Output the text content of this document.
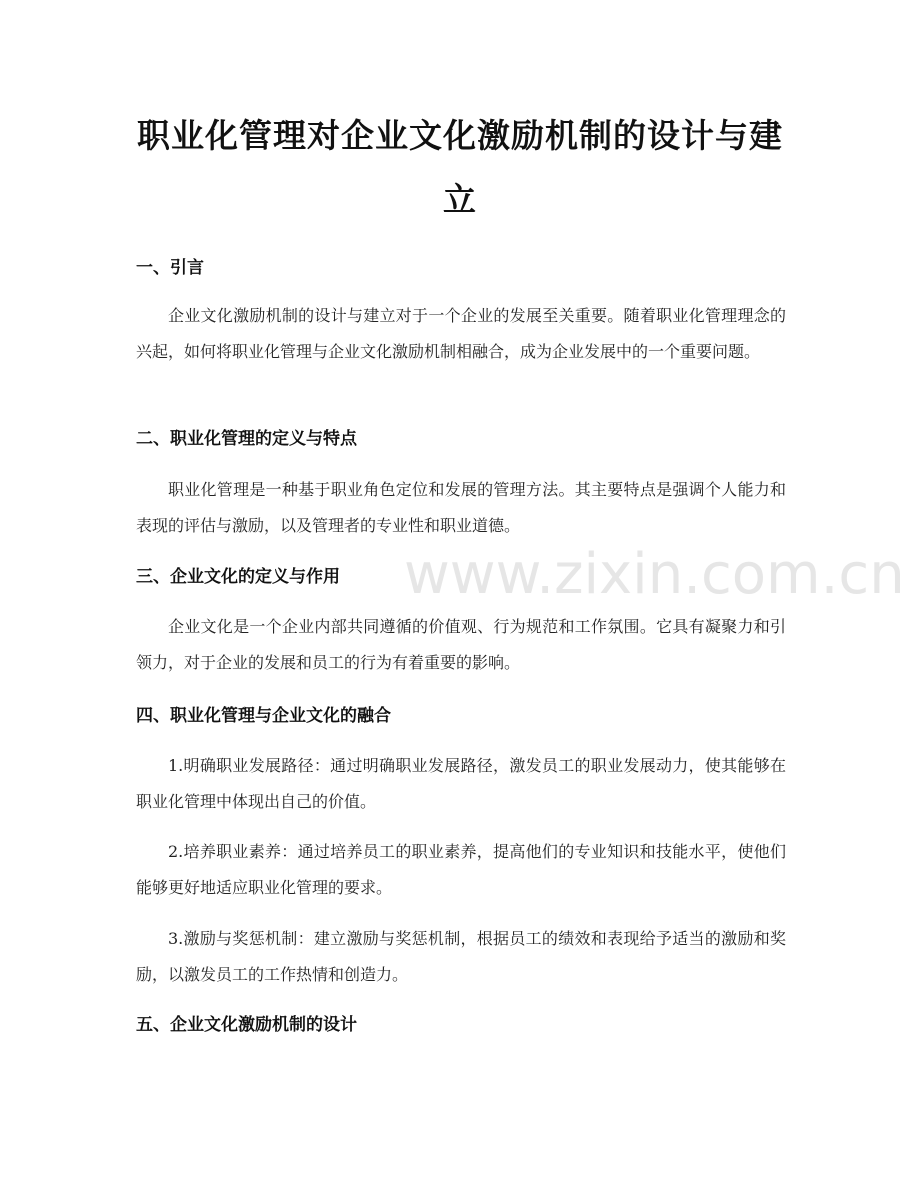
职业化管理对企业文化激励机制的设计与建立
一、引言

企业文化激励机制的设计与建立对于一个企业的发展至关重要。随着职业化管理理念的兴起，如何将职业化管理与企业文化激励机制相融合，成为企业发展中的一个重要问题。

二、职业化管理的定义与特点

职业化管理是一种基于职业角色定位和发展的管理方法。其主要特点是强调个人能力和表现的评估与激励，以及管理者的专业性和职业道德。

三、企业文化的定义与作用

企业文化是一个企业内部共同遵循的价值观、行为规范和工作氛围。它具有凝聚力和引领力，对于企业的发展和员工的行为有着重要的影响。

四、职业化管理与企业文化的融合

1.明确职业发展路径：通过明确职业发展路径，激发员工的职业发展动力，使其能够在职业化管理中体现出自己的价值。

2.培养职业素养：通过培养员工的职业素养，提高他们的专业知识和技能水平，使他们能够更好地适应职业化管理的要求。

3.激励与奖惩机制：建立激励与奖惩机制，根据员工的绩效和表现给予适当的激励和奖励，以激发员工的工作热情和创造力。

五、企业文化激励机制的设计
www.zixin.com.cn
